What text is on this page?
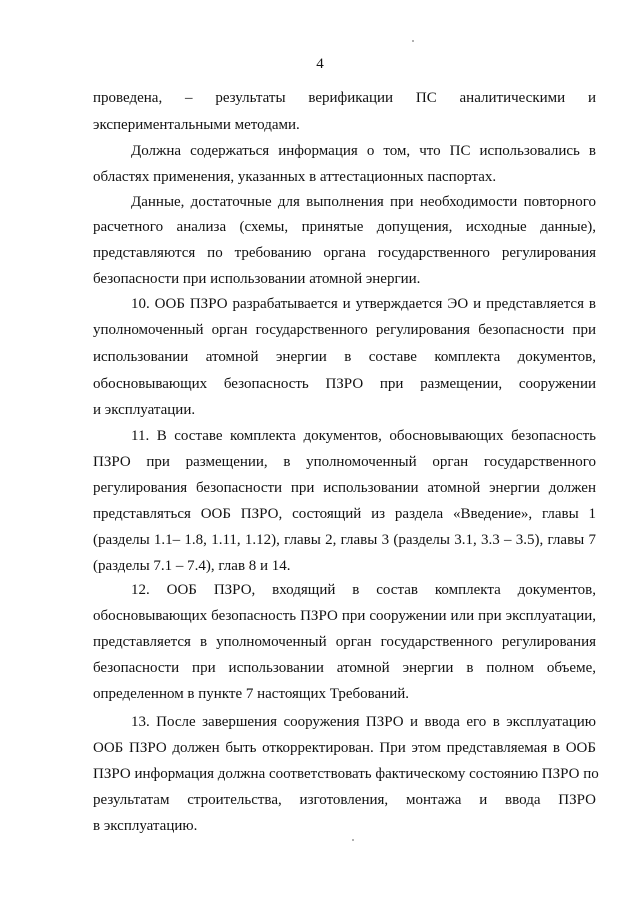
4
проведена, – результаты верификации ПС аналитическими и
экспериментальными методами.
Должна содержаться информация о том, что ПС использовались в
областях применения, указанных в аттестационных паспортах.
Данные, достаточные для выполнения при необходимости повторного
расчетного анализа (схемы, принятые допущения, исходные данные),
представляются по требованию органа государственного регулирования
безопасности при использовании атомной энергии.
10. ООБ ПЗРО разрабатывается и утверждается ЭО и представляется в
уполномоченный орган государственного регулирования безопасности при
использовании атомной энергии в составе комплекта документов,
обосновывающих безопасность ПЗРО при размещении, сооружении
и эксплуатации.
11. В составе комплекта документов, обосновывающих безопасность
ПЗРО при размещении, в уполномоченный орган государственного
регулирования безопасности при использовании атомной энергии должен
представляться ООБ ПЗРО, состоящий из раздела «Введение», главы 1
(разделы 1.1– 1.8, 1.11, 1.12), главы 2, главы 3 (разделы 3.1, 3.3 – 3.5), главы 7
(разделы 7.1 – 7.4), глав 8 и 14.
12. ООБ ПЗРО, входящий в состав комплекта документов,
обосновывающих безопасность ПЗРО при сооружении или при эксплуатации,
представляется в уполномоченный орган государственного регулирования
безопасности при использовании атомной энергии в полном объеме,
определенном в пункте 7 настоящих Требований.
13. После завершения сооружения ПЗРО и ввода его в эксплуатацию
ООБ ПЗРО должен быть откорректирован. При этом представляемая в ООБ
ПЗРО информация должна соответствовать фактическому состоянию ПЗРО по
результатам строительства, изготовления, монтажа и ввода ПЗРО
в эксплуатацию.
